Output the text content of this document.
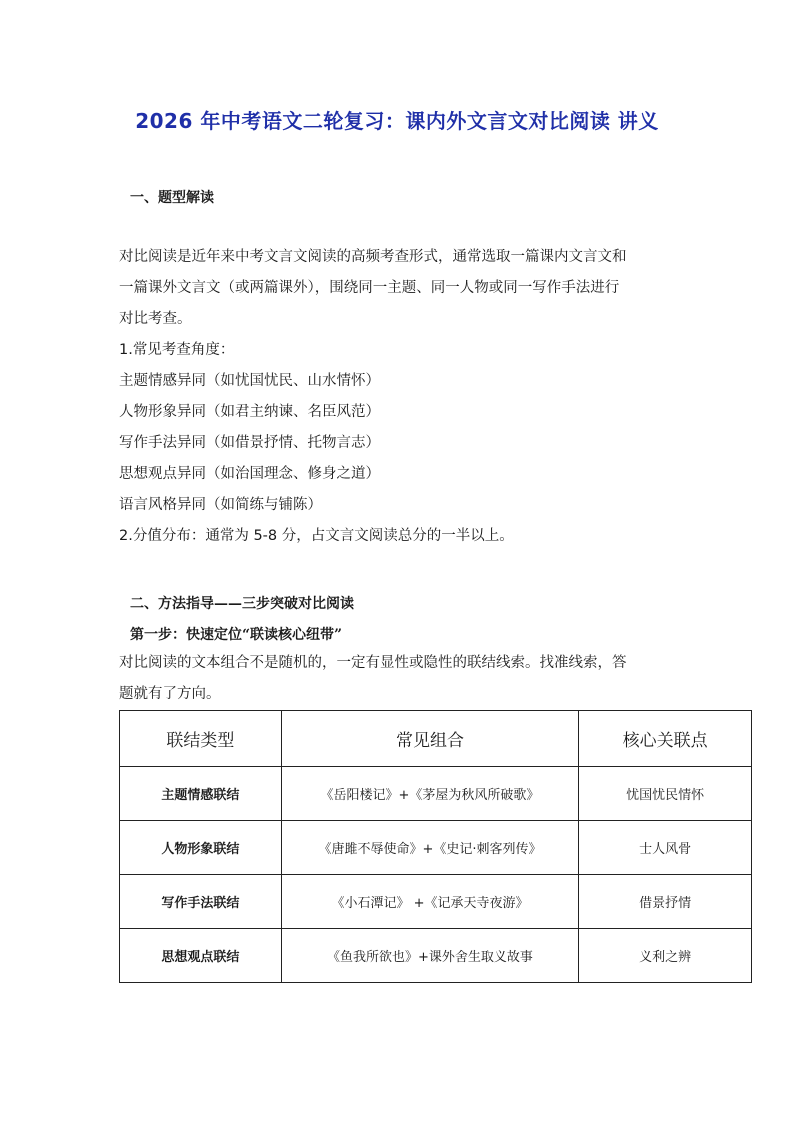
2026 年中考语文二轮复习：课内外文言文对比阅读 讲义
一、题型解读
对比阅读是近年来中考文言文阅读的高频考查形式，通常选取一篇课内文言文和
一篇课外文言文（或两篇课外），围绕同一主题、同一人物或同一写作手法进行
对比考查。
1.常见考查角度：
主题情感异同（如忧国忧民、山水情怀）
人物形象异同（如君主纳谏、名臣风范）
写作手法异同（如借景抒情、托物言志）
思想观点异同（如治国理念、修身之道）
语言风格异同（如简练与铺陈）
2.分值分布：通常为 5-8 分，占文言文阅读总分的一半以上。
二、方法指导——三步突破对比阅读
第一步：快速定位“联读核心纽带”
对比阅读的文本组合不是随机的，一定有显性或隐性的联结线索。找准线索，答
题就有了方向。
联结类型	常见组合	核心关联点
主题情感联结	《岳阳楼记》+《茅屋为秋风所破歌》	忧国忧民情怀
人物形象联结	《唐雎不辱使命》+《史记·刺客列传》	士人风骨
写作手法联结	《小石潭记》 +《记承天寺夜游》	借景抒情
思想观点联结	《鱼我所欲也》+课外舍生取义故事	义利之辨
